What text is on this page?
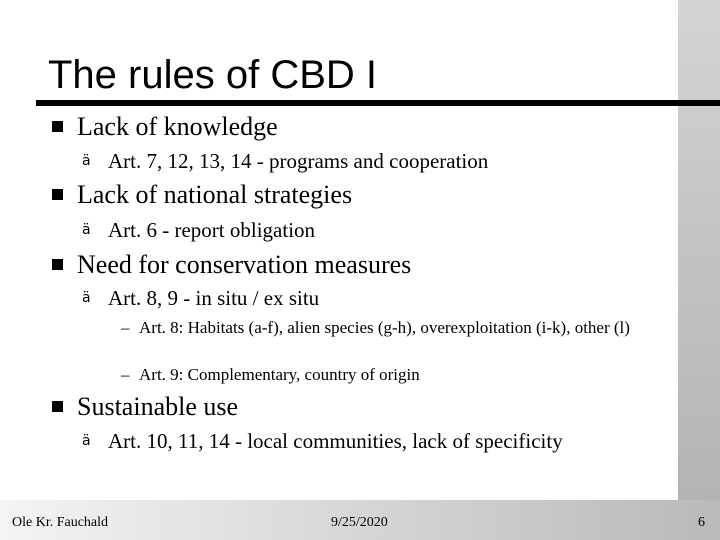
The rules of CBD I
Lack of knowledge
ä Art. 7, 12, 13, 14 - programs and cooperation
Lack of national strategies
ä Art. 6 - report obligation
Need for conservation measures
ä Art. 8, 9 - in situ / ex situ
– Art. 8: Habitats (a-f), alien species (g-h), overexploitation (i-k), other (l)
– Art. 9: Complementary, country of origin
Sustainable use
ä Art. 10, 11, 14 - local communities, lack of specificity
Ole Kr. Fauchald	9/25/2020	6
